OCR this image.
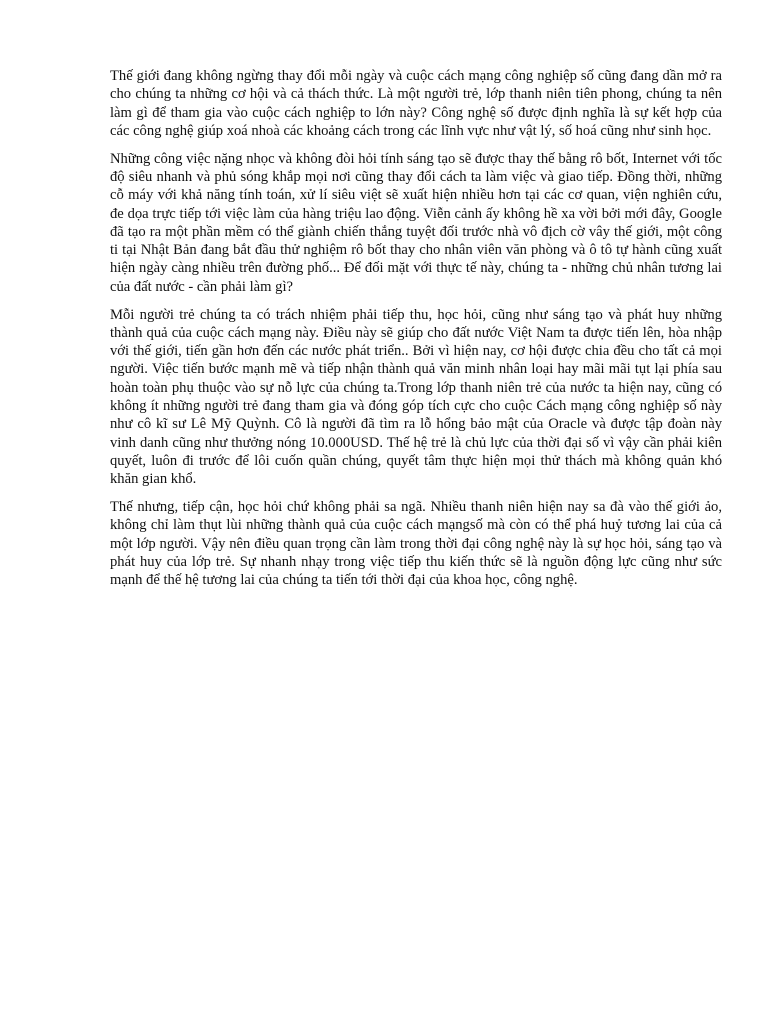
Thế giới đang không ngừng thay đổi mỗi ngày và cuộc cách mạng công nghiệp số cũng đang dần mở ra cho chúng ta những cơ hội và cả thách thức. Là một người trẻ, lớp thanh niên tiên phong, chúng ta nên làm gì để tham gia vào cuộc cách nghiệp to lớn này? Công nghệ số được định nghĩa là sự kết hợp của các công nghệ giúp xoá nhoà các khoảng cách trong các lĩnh vực như vật lý, số hoá cũng như sinh học.

Những công việc nặng nhọc và không đòi hỏi tính sáng tạo sẽ được thay thế bằng rô bốt, Internet với tốc độ siêu nhanh và phủ sóng khắp mọi nơi cũng thay đổi cách ta làm việc và giao tiếp. Đồng thời, những cỗ máy với khả năng tính toán, xử lí siêu việt sẽ xuất hiện nhiều hơn tại các cơ quan, viện nghiên cứu, đe dọa trực tiếp tới việc làm của hàng triệu lao động. Viễn cảnh ấy không hề xa vời bởi mới đây, Google đã tạo ra một phần mềm có thể giành chiến thắng tuyệt đối trước nhà vô địch cờ vây thế giới, một công ti tại Nhật Bản đang bắt đầu thử nghiệm rô bốt thay cho nhân viên văn phòng và ô tô tự hành cũng xuất hiện ngày càng nhiều trên đường phố... Để đối mặt với thực tế này, chúng ta - những chủ nhân tương lai của đất nước - cần phải làm gì?

Mỗi người trẻ chúng ta có trách nhiệm phải tiếp thu, học hỏi, cũng như sáng tạo và phát huy những thành quả của cuộc cách mạng này. Điều này sẽ giúp cho đất nước Việt Nam ta được tiến lên, hòa nhập với thế giới, tiến gần hơn đến các nước phát triển.. Bởi vì hiện nay, cơ hội được chia đều cho tất cả mọi người. Việc tiến bước mạnh mẽ và tiếp nhận thành quả văn minh nhân loại hay mãi mãi tụt lại phía sau hoàn toàn phụ thuộc vào sự nỗ lực của chúng ta.Trong lớp thanh niên trẻ của nước ta hiện nay, cũng có không ít những người trẻ đang tham gia và đóng góp tích cực cho cuộc Cách mạng công nghiệp số này như cô kĩ sư Lê Mỹ Quỳnh. Cô là người đã tìm ra lỗ hổng bảo mật của Oracle và được tập đoàn này vinh danh cũng như thưởng nóng 10.000USD. Thế hệ trẻ là chủ lực của thời đại số vì vậy cần phải kiên quyết, luôn đi trước để lôi cuốn quần chúng, quyết tâm thực hiện mọi thử thách mà không quản khó khăn gian khổ.

Thế nhưng, tiếp cận, học hỏi chứ không phải sa ngã. Nhiều thanh niên hiện nay sa đà vào thế giới ảo, không chỉ làm thụt lùi những thành quả của cuộc cách mạngsố mà còn có thể phá huỷ tương lai của cả một lớp người. Vậy nên điều quan trọng cần làm trong thời đại công nghệ này là sự học hỏi, sáng tạo và phát huy của lớp trẻ. Sự nhanh nhạy trong việc tiếp thu kiến thức sẽ là nguồn động lực cũng như sức mạnh để thế hệ tương lai của chúng ta tiến tới thời đại của khoa học, công nghệ.
